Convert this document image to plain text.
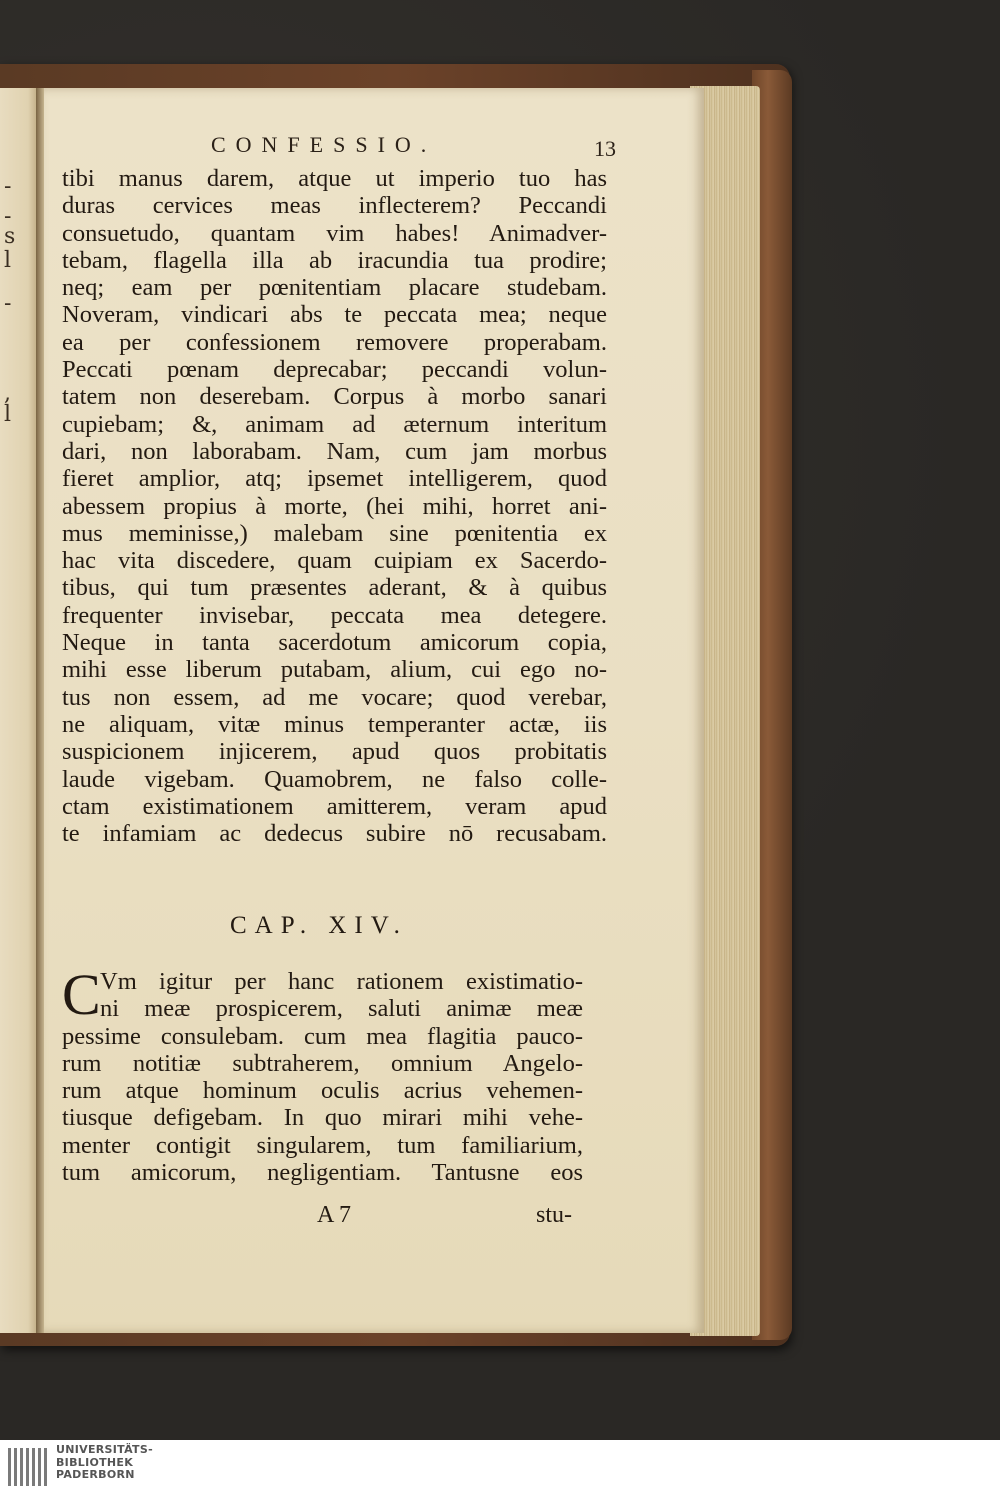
-
-
s
l
-
,
l
CONFESSIO.	13
tibi manus darem, atque ut imperio tuo has
duras cervices meas inflecterem? Peccandi
consuetudo, quantam vim habes! Animadver-
tebam, flagella illa ab iracundia tua prodire;
neq; eam per pœnitentiam placare studebam.
Noveram, vindicari abs te peccata mea; neque
ea per confessionem removere properabam.
Peccati pœnam deprecabar; peccandi volun-
tatem non deserebam. Corpus à morbo sanari
cupiebam; &, animam ad æternum interitum
dari, non laborabam. Nam, cum jam morbus
fieret amplior, atq; ipsemet intelligerem, quod
abessem propius à morte, (hei mihi, horret ani-
mus meminisse,) malebam sine pœnitentia ex
hac vita discedere, quam cuipiam ex Sacerdo-
tibus, qui tum præsentes aderant, & à quibus
frequenter invisebar, peccata mea detegere.
Neque in tanta sacerdotum amicorum copia,
mihi esse liberum putabam, alium, cui ego no-
tus non essem, ad me vocare; quod verebar,
ne aliquam, vitæ minus temperanter actæ, iis
suspicionem injicerem, apud quos probitatis
laude vigebam. Quamobrem, ne falso colle-
ctam existimationem amitterem, veram apud
te infamiam ac dedecus subire nō recusabam.
CAP. XIV.
C Vm igitur per hanc rationem existimatio-
ni meæ prospicerem, saluti animæ meæ
pessime consulebam. cum mea flagitia pauco-
rum notitiæ subtraherem, omnium Angelo-
rum atque hominum oculis acrius vehemen-
tiusque defigebam. In quo mirari mihi vehe-
menter contigit singularem, tum familiarium,
tum amicorum, negligentiam. Tantusne eos
A 7	stu-
UNIVERSITÄTS-
BIBLIOTHEK
PADERBORN
